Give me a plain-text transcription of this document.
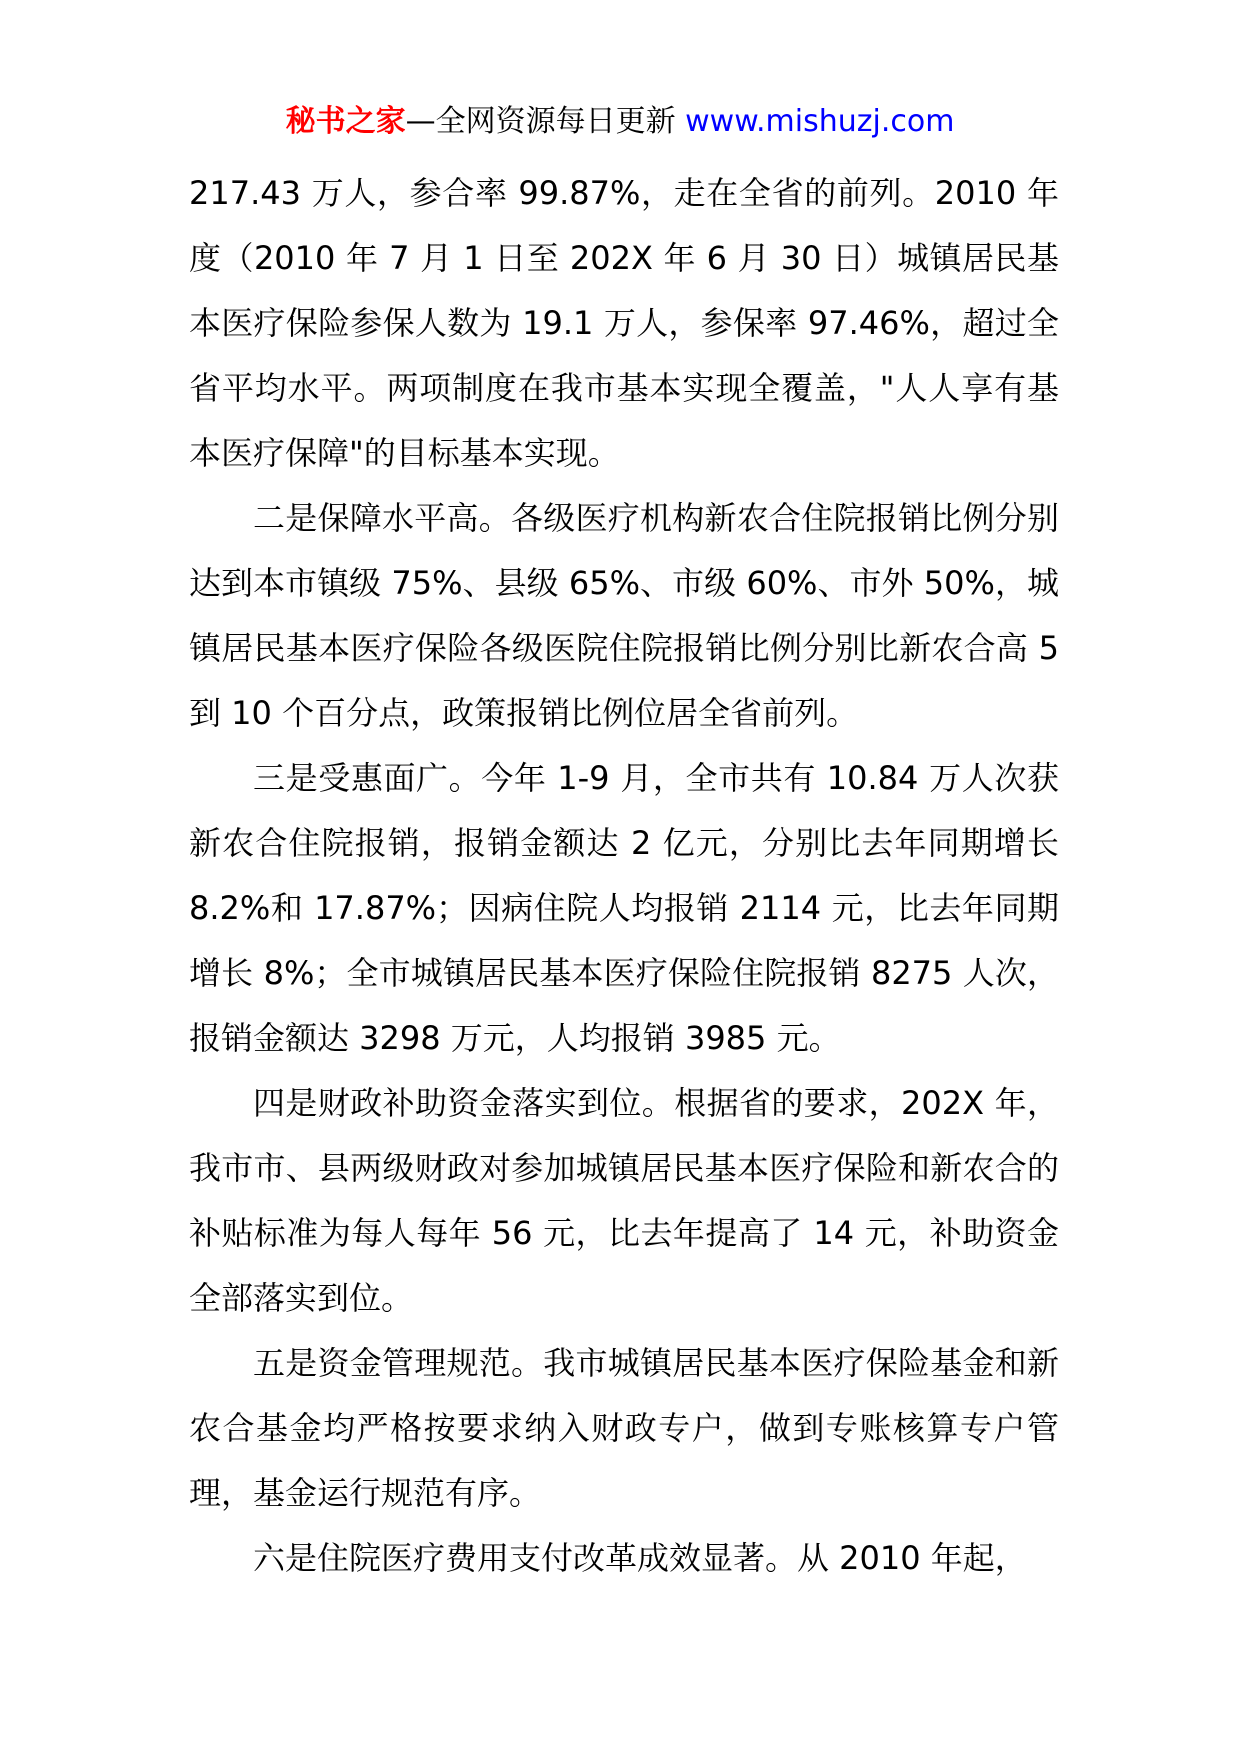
秘书之家—全网资源每日更新 www.mishuzj.com

217.43 万人，参合率 99.87%，走在全省的前列。2010 年度（2010 年 7 月 1 日至 202X 年 6 月 30 日）城镇居民基本医疗保险参保人数为 19.1 万人，参保率 97.46%，超过全省平均水平。两项制度在我市基本实现全覆盖，"人人享有基本医疗保障"的目标基本实现。

二是保障水平高。各级医疗机构新农合住院报销比例分别达到本市镇级 75%、县级 65%、市级 60%、市外 50%，城镇居民基本医疗保险各级医院住院报销比例分别比新农合高 5 到 10 个百分点，政策报销比例位居全省前列。

三是受惠面广。今年 1-9 月，全市共有 10.84 万人次获新农合住院报销，报销金额达 2 亿元，分别比去年同期增长 8.2%和 17.87%；因病住院人均报销 2114 元，比去年同期增长 8%；全市城镇居民基本医疗保险住院报销 8275 人次，报销金额达 3298 万元，人均报销 3985 元。

四是财政补助资金落实到位。根据省的要求，202X 年，我市市、县两级财政对参加城镇居民基本医疗保险和新农合的补贴标准为每人每年 56 元，比去年提高了 14 元，补助资金全部落实到位。

五是资金管理规范。我市城镇居民基本医疗保险基金和新农合基金均严格按要求纳入财政专户，做到专账核算专户管理，基金运行规范有序。

六是住院医疗费用支付改革成效显著。从 2010 年起，
